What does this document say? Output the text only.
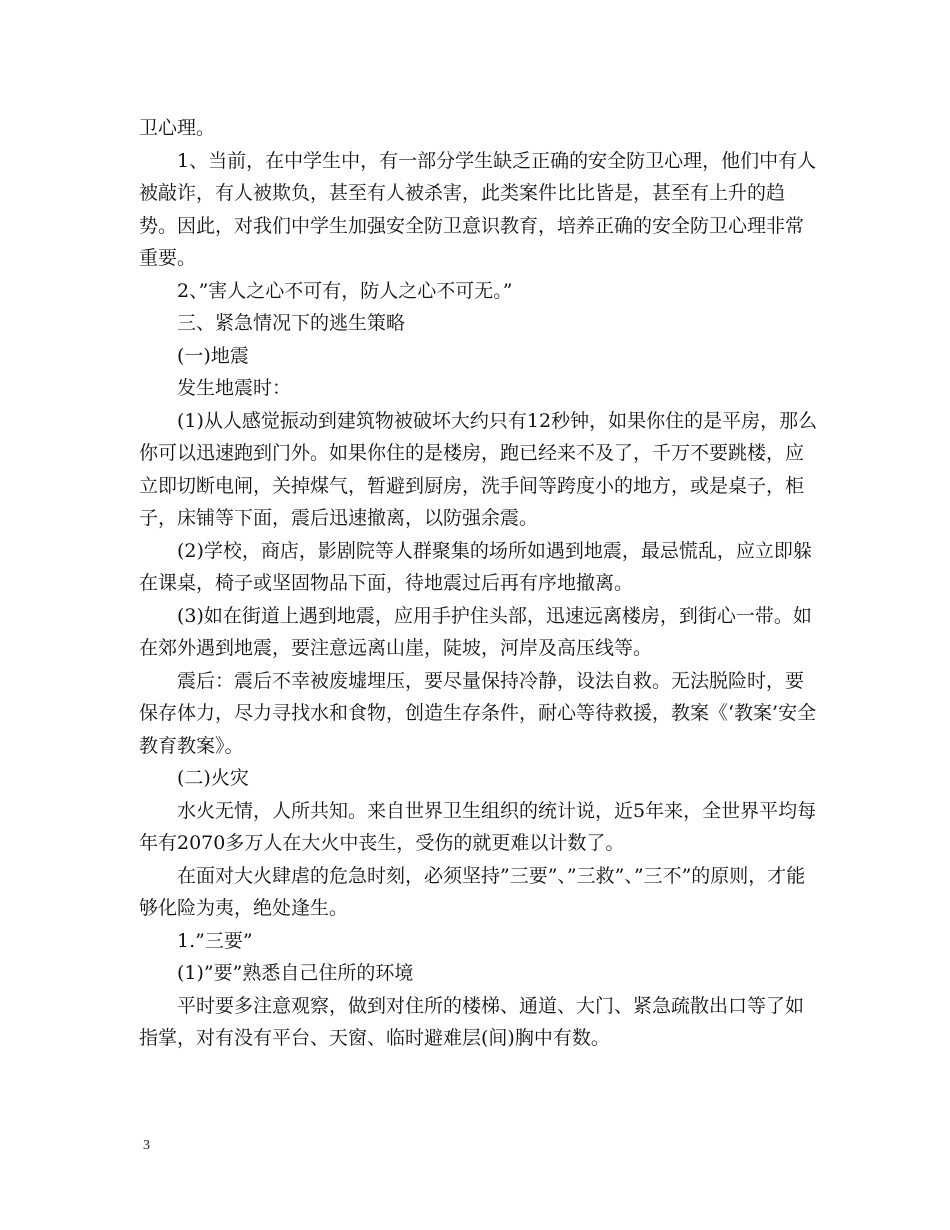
卫心理。

1、当前，在中学生中，有一部分学生缺乏正确的安全防卫心理，他们中有人被敲诈，有人被欺负，甚至有人被杀害，此类案件比比皆是，甚至有上升的趋势。因此，对我们中学生加强安全防卫意识教育，培养正确的安全防卫心理非常重要。

2、”害人之心不可有，防人之心不可无。”

三、紧急情况下的逃生策略

(一)地震

发生地震时：

(1)从人感觉振动到建筑物被破坏大约只有12秒钟，如果你住的是平房，那么你可以迅速跑到门外。如果你住的是楼房，跑已经来不及了，千万不要跳楼，应立即切断电闸，关掉煤气，暂避到厨房，洗手间等跨度小的地方，或是桌子，柜子，床铺等下面，震后迅速撤离，以防强余震。

(2)学校，商店，影剧院等人群聚集的场所如遇到地震，最忌慌乱，应立即躲在课桌，椅子或坚固物品下面，待地震过后再有序地撤离。

(3)如在街道上遇到地震，应用手护住头部，迅速远离楼房，到街心一带。如在郊外遇到地震，要注意远离山崖，陡坡，河岸及高压线等。

震后：震后不幸被废墟埋压，要尽量保持冷静，设法自救。无法脱险时，要保存体力，尽力寻找水和食物，创造生存条件，耐心等待救援，教案《‘教案’安全教育教案》。

(二)火灾

水火无情，人所共知。来自世界卫生组织的统计说，近5年来，全世界平均每年有2070多万人在大火中丧生，受伤的就更难以计数了。

在面对大火肆虐的危急时刻，必须坚持”三要”、”三救”、”三不”的原则，才能够化险为夷，绝处逢生。

1.”三要”

(1)”要”熟悉自己住所的环境

平时要多注意观察，做到对住所的楼梯、通道、大门、紧急疏散出口等了如指掌，对有没有平台、天窗、临时避难层(间)胸中有数。

3
